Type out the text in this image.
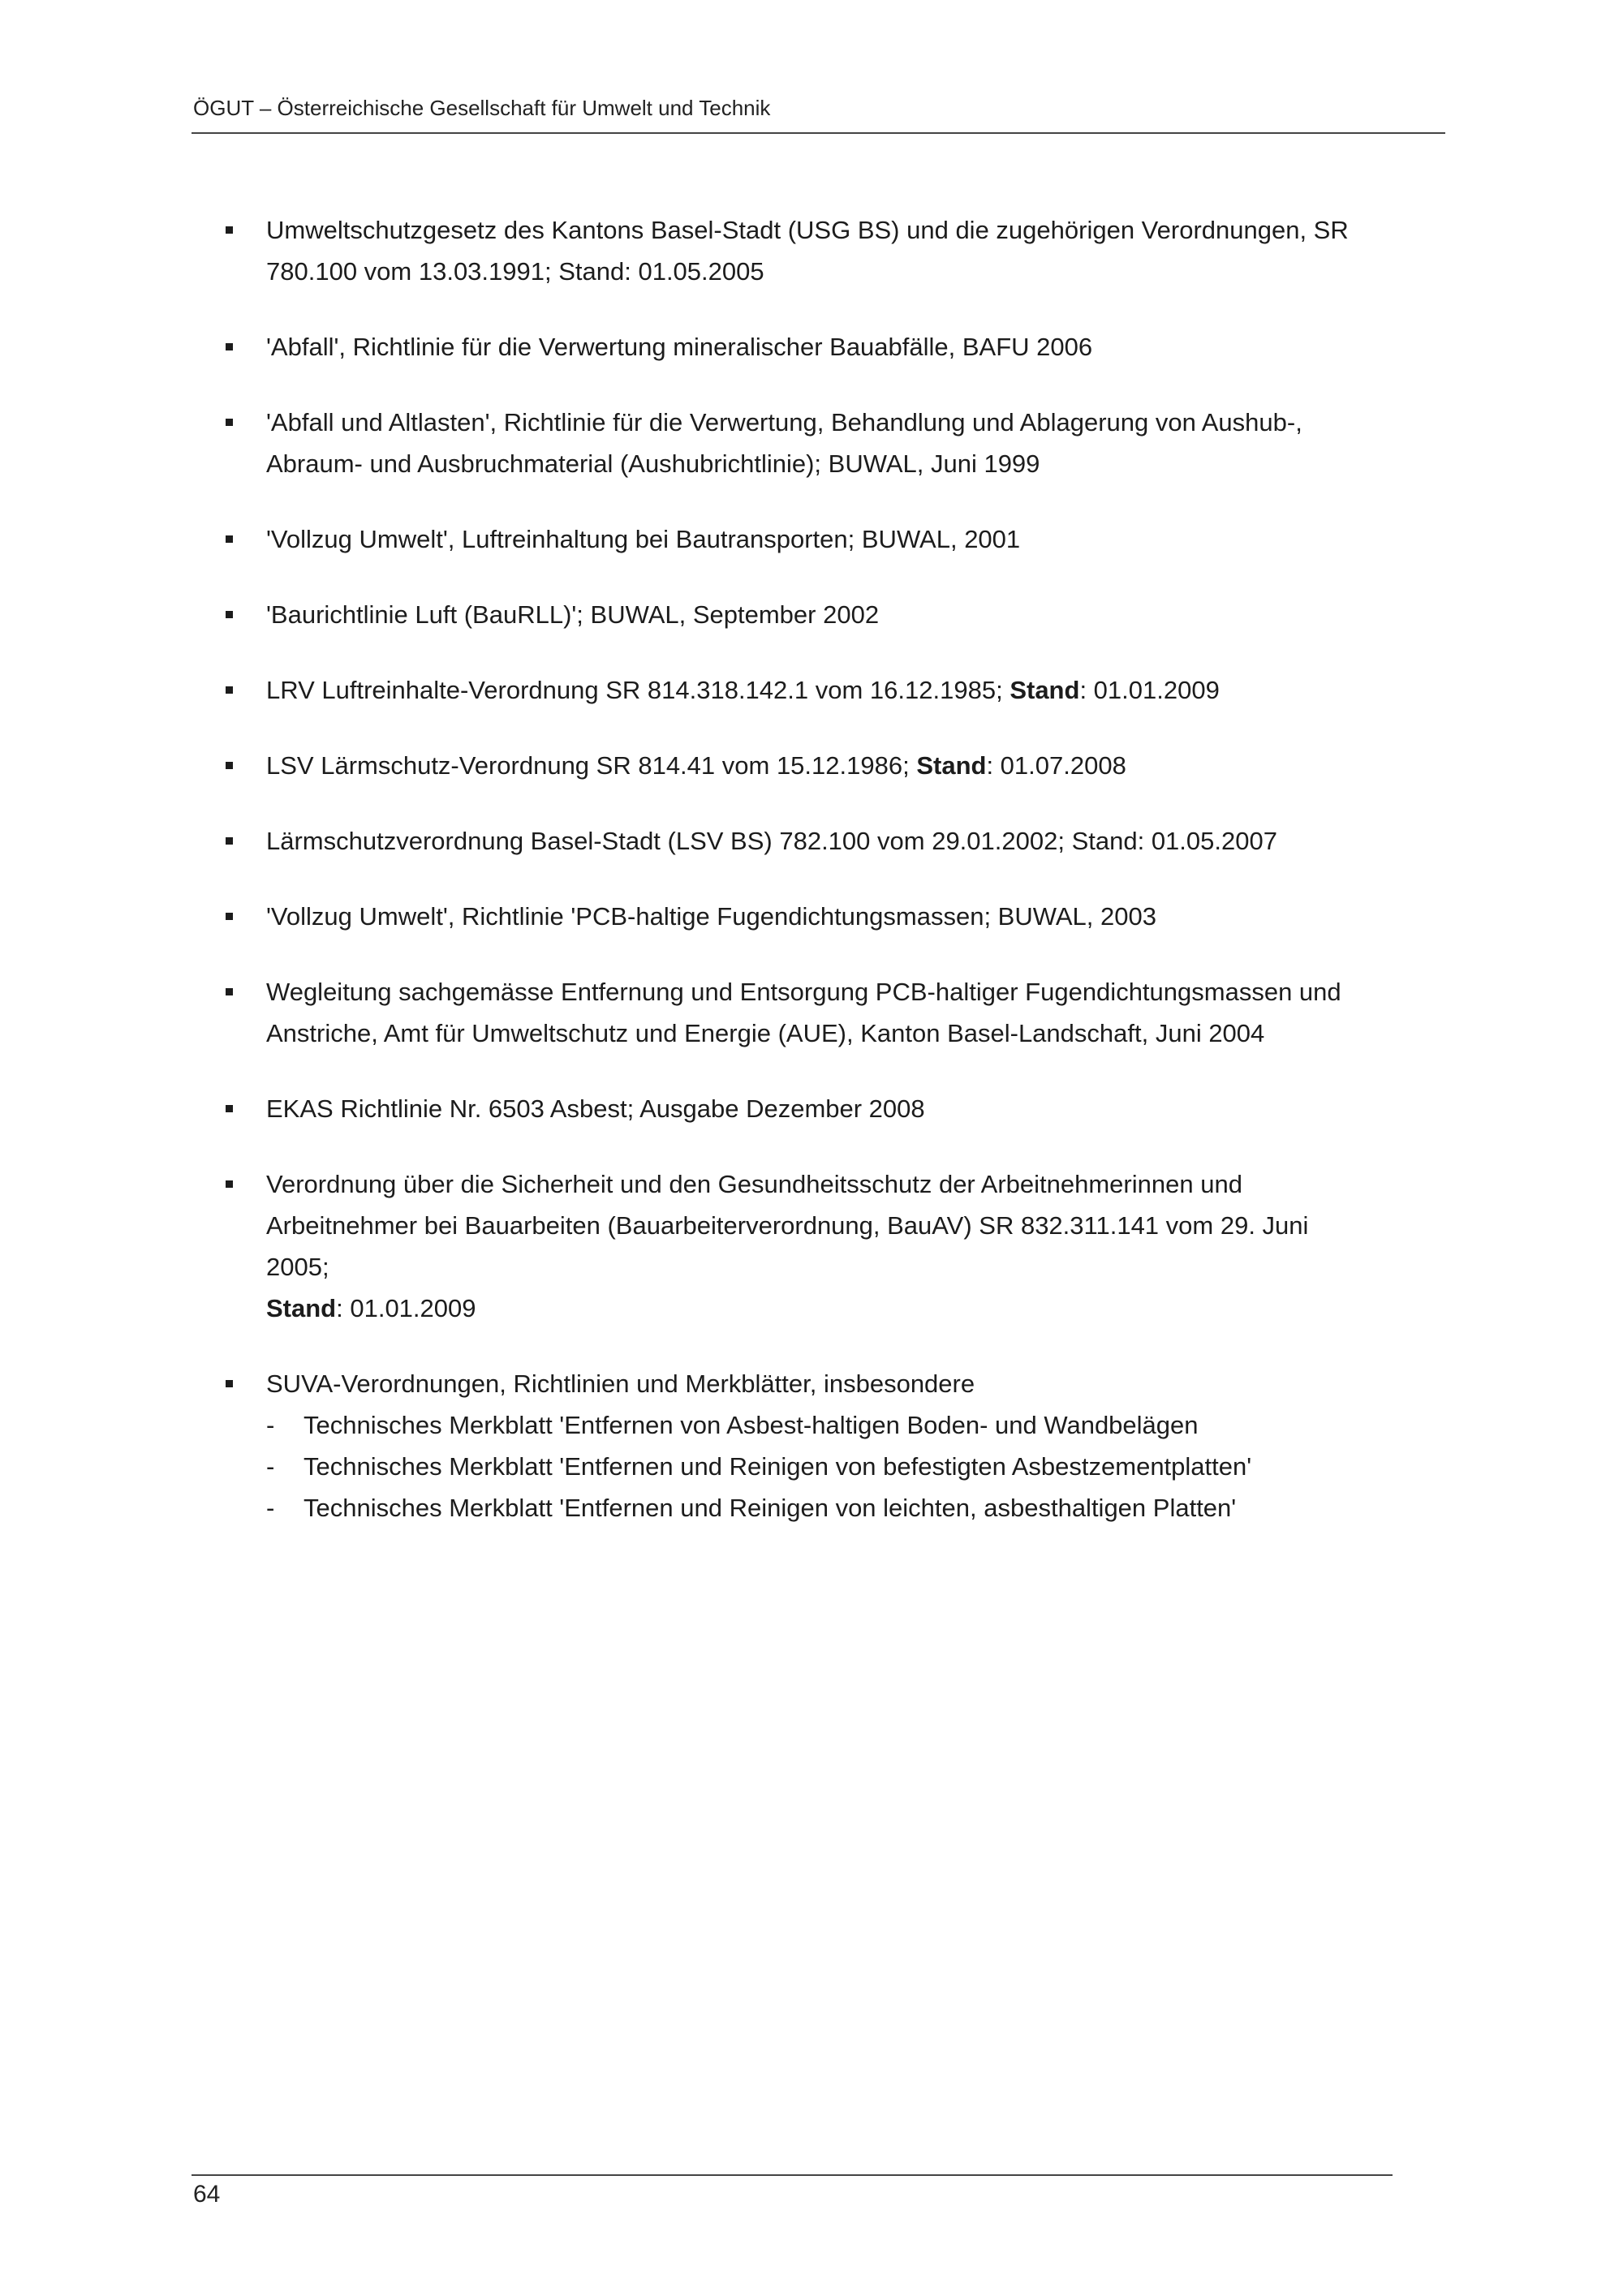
ÖGUT – Österreichische Gesellschaft für Umwelt und Technik
Umweltschutzgesetz des Kantons Basel-Stadt (USG BS) und die zugehörigen Verordnungen, SR
780.100 vom 13.03.1991; Stand: 01.05.2005
'Abfall', Richtlinie für die Verwertung mineralischer Bauabfälle, BAFU 2006
'Abfall und Altlasten', Richtlinie für die Verwertung, Behandlung und Ablagerung von Aushub-,
Abraum- und Ausbruchmaterial (Aushubrichtlinie); BUWAL, Juni 1999
'Vollzug Umwelt', Luftreinhaltung bei Bautransporten; BUWAL, 2001
'Baurichtlinie Luft (BauRLL)'; BUWAL, September 2002
LRV Luftreinhalte-Verordnung SR 814.318.142.1 vom 16.12.1985; Stand: 01.01.2009
LSV Lärmschutz-Verordnung SR 814.41 vom 15.12.1986; Stand: 01.07.2008
Lärmschutzverordnung Basel-Stadt (LSV BS) 782.100 vom 29.01.2002; Stand: 01.05.2007
'Vollzug Umwelt', Richtlinie 'PCB-haltige Fugendichtungsmassen; BUWAL, 2003
Wegleitung sachgemässe Entfernung und Entsorgung PCB-haltiger Fugendichtungsmassen und
Anstriche, Amt für Umweltschutz und Energie (AUE), Kanton Basel-Landschaft, Juni 2004
EKAS Richtlinie Nr. 6503 Asbest; Ausgabe Dezember 2008
Verordnung über die Sicherheit und den Gesundheitsschutz der Arbeitnehmerinnen und
Arbeitnehmer bei Bauarbeiten (Bauarbeiterverordnung, BauAV) SR 832.311.141 vom 29. Juni
2005;
Stand: 01.01.2009
SUVA-Verordnungen, Richtlinien und Merkblätter, insbesondere
- Technisches Merkblatt 'Entfernen von Asbest-haltigen Boden- und Wandbelägen
- Technisches Merkblatt 'Entfernen und Reinigen von befestigten Asbestzementplatten'
- Technisches Merkblatt 'Entfernen und Reinigen von leichten, asbesthaltigen Platten'
64
